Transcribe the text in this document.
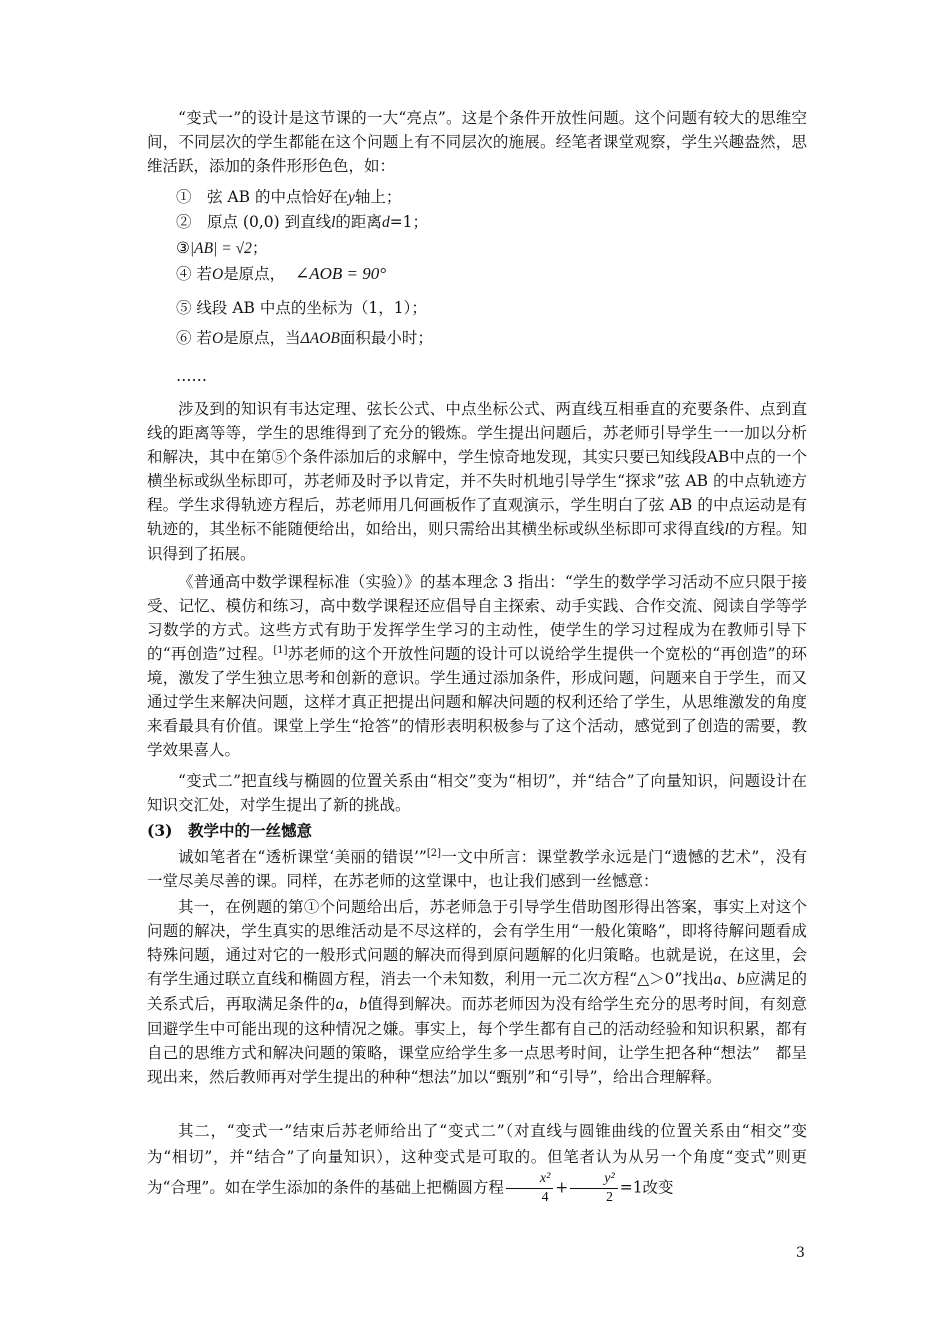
“变式一”的设计是这节课的一大“亮点”。这是个条件开放性问题。这个问题有较大的思维空间，不同层次的学生都能在这个问题上有不同层次的施展。经笔者课堂观察，学生兴趣盎然，思维活跃，添加的条件形形色色，如：

①　弦 AB 的中点恰好在y轴上；
②　原点 (0,0) 到直线l的距离d=1；
③|AB| = √2；
④ 若O是原点， ∠AOB = 90°
⑤ 线段 AB 中点的坐标为（1，1）；
⑥ 若O是原点，当ΔAOB面积最小时；
……

涉及到的知识有韦达定理、弦长公式、中点坐标公式、两直线互相垂直的充要条件、点到直线的距离等等，学生的思维得到了充分的锻炼。学生提出问题后，苏老师引导学生一一加以分析和解决，其中在第⑤个条件添加后的求解中，学生惊奇地发现，其实只要已知线段AB中点的一个横坐标或纵坐标即可，苏老师及时予以肯定，并不失时机地引导学生“探求”弦 AB 的中点轨迹方程。学生求得轨迹方程后，苏老师用几何画板作了直观演示，学生明白了弦 AB 的中点运动是有轨迹的，其坐标不能随便给出，如给出，则只需给出其横坐标或纵坐标即可求得直线l的方程。知识得到了拓展。

《普通高中数学课程标准（实验）》的基本理念 3 指出：“学生的数学学习活动不应只限于接受、记忆、模仿和练习，高中数学课程还应倡导自主探索、动手实践、合作交流、阅读自学等学习数学的方式。这些方式有助于发挥学生学习的主动性，使学生的学习过程成为在教师引导下的“再创造”过程。[1]苏老师的这个开放性问题的设计可以说给学生提供一个宽松的“再创造”的环境，激发了学生独立思考和创新的意识。学生通过添加条件，形成问题，问题来自于学生，而又通过学生来解决问题，这样才真正把提出问题和解决问题的权利还给了学生，从思维激发的角度来看最具有价值。课堂上学生“抢答”的情形表明积极参与了这个活动，感觉到了创造的需要，教学效果喜人。

“变式二”把直线与椭圆的位置关系由“相交”变为“相切”，并“结合”了向量知识，问题设计在知识交汇处，对学生提出了新的挑战。

(3)　教学中的一丝憾意

诚如笔者在“透析课堂‘美丽的错误’”[2]一文中所言：课堂教学永远是门“遗憾的艺术”，没有一堂尽美尽善的课。同样，在苏老师的这堂课中，也让我们感到一丝憾意：

其一，在例题的第①个问题给出后，苏老师急于引导学生借助图形得出答案，事实上对这个问题的解决，学生真实的思维活动是不尽这样的，会有学生用“一般化策略”，即将待解问题看成特殊问题，通过对它的一般形式问题的解决而得到原问题解的化归策略。也就是说，在这里，会有学生通过联立直线和椭圆方程，消去一个未知数，利用一元二次方程“△＞0”找出a、b应满足的关系式后，再取满足条件的a，b值得到解决。而苏老师因为没有给学生充分的思考时间，有刻意回避学生中可能出现的这种情况之嫌。事实上，每个学生都有自己的活动经验和知识积累，都有自己的思维方式和解决问题的策略，课堂应给学生多一点思考时间，让学生把各种“想法”　都呈现出来，然后教师再对学生提出的种种“想法”加以“甄别”和“引导”，给出合理解释。

其二，“变式一”结束后苏老师给出了“变式二”（对直线与圆锥曲线的位置关系由“相交”变为“相切”，并“结合”了向量知识），这种变式是可取的。但笔者认为从另一个角度“变式”则更为“合理”。如在学生添加的条件的基础上把椭圆方程 $\frac{\text{x²}}{4} + \frac{\text{y²}}{2} =1$改变

3
